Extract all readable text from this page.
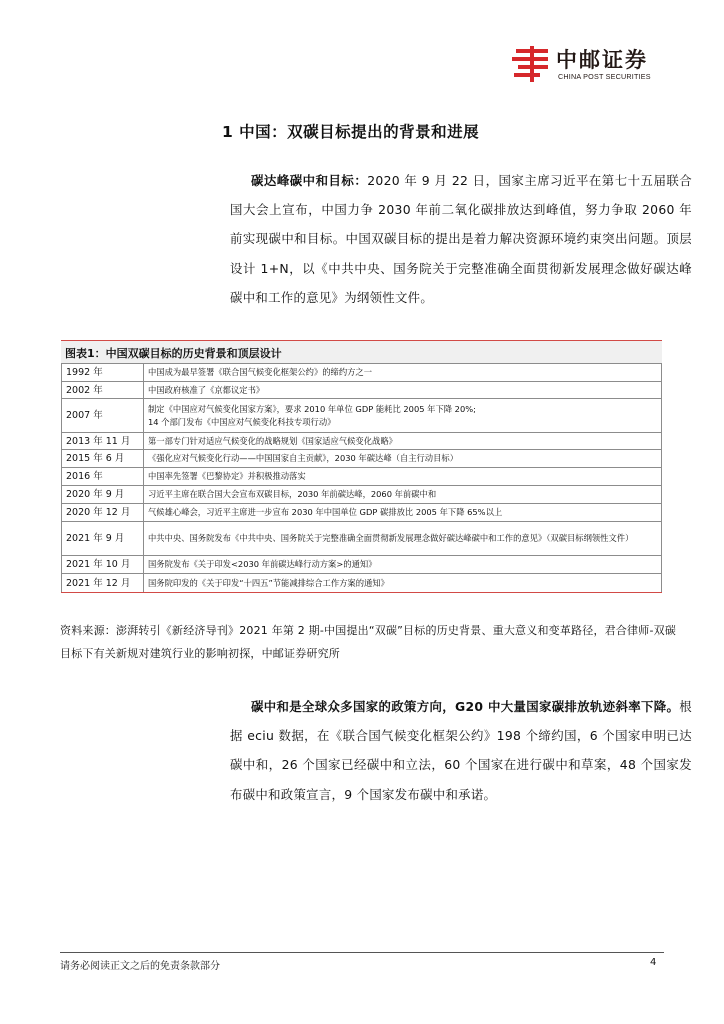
中邮证券
CHINA POST SECURITIES
1 中国：双碳目标提出的背景和进展

碳达峰碳中和目标：2020 年 9 月 22 日，国家主席习近平在第七十五届联合国大会上宣布，中国力争 2030 年前二氧化碳排放达到峰值，努力争取 2060 年前实现碳中和目标。中国双碳目标的提出是着力解决资源环境约束突出问题。顶层设计 1+N，以《中共中央、国务院关于完整准确全面贯彻新发展理念做好碳达峰碳中和工作的意见》为纲领性文件。

图表1：中国双碳目标的历史背景和顶层设计
1992 年	中国成为最早签署《联合国气候变化框架公约》的缔约方之一
2002 年	中国政府核准了《京都议定书》
2007 年	制定《中国应对气候变化国家方案》，要求 2010 年单位 GDP 能耗比 2005 年下降 20%;
14 个部门发布《中国应对气候变化科技专项行动》

2013 年 11 月	第一部专门针对适应气候变化的战略规划《国家适应气候变化战略》
2015 年 6 月	《强化应对气候变化行动——中国国家自主贡献》，2030 年碳达峰（自主行动目标）
2016 年	中国率先签署《巴黎协定》并积极推动落实
2020 年 9 月	习近平主席在联合国大会宣布双碳目标，2030 年前碳达峰，2060 年前碳中和
2020 年 12 月	气候雄心峰会，习近平主席进一步宣布 2030 年中国单位 GDP 碳排放比 2005 年下降 65%以上
2021 年 9 月	中共中央、国务院发布《中共中央、国务院关于完整准确全面贯彻新发展理念做好碳达峰碳中和工作的意见》（双碳目标纲领性文件）
2021 年 10 月	国务院发布《关于印发<2030 年前碳达峰行动方案>的通知》
2021 年 12 月	国务院印发的《关于印发“十四五”节能减排综合工作方案的通知》

资料来源：澎湃转引《新经济导刊》2021 年第 2 期-中国提出“双碳”目标的历史背景、重大意义和变革路径，君合律师-双碳目标下有关新规对建筑行业的影响初探，中邮证券研究所

碳中和是全球众多国家的政策方向，G20 中大量国家碳排放轨迹斜率下降。根据 eciu 数据，在《联合国气候变化框架公约》198 个缔约国，6 个国家申明已达碳中和，26 个国家已经碳中和立法，60 个国家在进行碳中和草案，48 个国家发布碳中和政策宣言，9 个国家发布碳中和承诺。

请务必阅读正文之后的免责条款部分	4
